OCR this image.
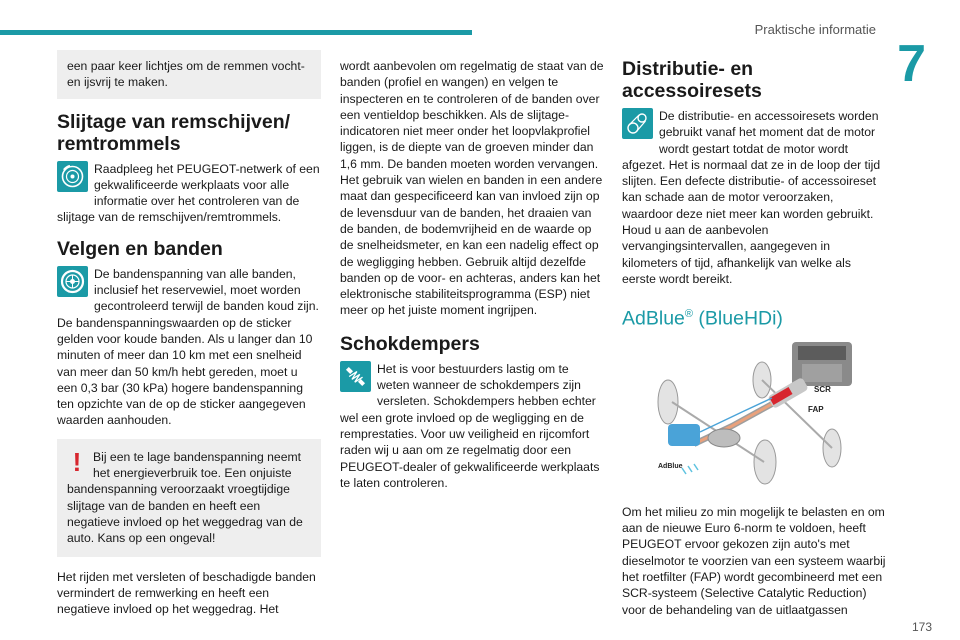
Praktische informatie
7

een paar keer lichtjes om de remmen vocht- en ijsvrij te maken.

Slijtage van remschijven/ remtrommels

Raadpleeg het PEUGEOT-netwerk of een gekwalificeerde werkplaats voor alle informatie over het controleren van de slijtage van de remschijven/remtrommels.

Velgen en banden

De bandenspanning van alle banden, inclusief het reservewiel, moet worden gecontroleerd terwijl de banden koud zijn. De bandenspanningswaarden op de sticker gelden voor koude banden. Als u langer dan 10 minuten of meer dan 10 km met een snelheid van meer dan 50 km/h hebt gereden, moet u een 0,3 bar (30 kPa) hogere bandenspanning ten opzichte van de op de sticker aangegeven waarden aanhouden.

! Bij een te lage bandenspanning neemt het energieverbruik toe. Een onjuiste bandenspanning veroorzaakt vroegtijdige slijtage van de banden en heeft een negatieve invloed op het weggedrag van de auto. Kans op een ongeval!

Het rijden met versleten of beschadigde banden vermindert de remwerking en heeft een negatieve invloed op het weggedrag. Het

wordt aanbevolen om regelmatig de staat van de banden (profiel en wangen) en velgen te inspecteren en te controleren of de banden over een ventieldop beschikken. Als de slijtage-indicatoren niet meer onder het loopvlakprofiel liggen, is de diepte van de groeven minder dan 1,6 mm. De banden moeten worden vervangen. Het gebruik van wielen en banden in een andere maat dan gespecificeerd kan van invloed zijn op de levensduur van de banden, het draaien van de banden, de bodemvrijheid en de waarde op de snelheidsmeter, en kan een nadelig effect op de wegligging hebben. Gebruik altijd dezelfde banden op de voor- en achteras, anders kan het elektronische stabiliteitsprogramma (ESP) niet meer op het juiste moment ingrijpen.

Schokdempers

Het is voor bestuurders lastig om te weten wanneer de schokdempers zijn versleten. Schokdempers hebben echter wel een grote invloed op de wegligging en de remprestaties. Voor uw veiligheid en rijcomfort raden wij u aan om ze regelmatig door een PEUGEOT-dealer of gekwalificeerde werkplaats te laten controleren.

Distributie- en accessoiresets

De distributie- en accessoiresets worden gebruikt vanaf het moment dat de motor wordt gestart totdat de motor wordt afgezet. Het is normaal dat ze in de loop der tijd slijten. Een defecte distributie- of accessoireset kan schade aan de motor veroorzaken, waardoor deze niet meer kan worden gebruikt. Houd u aan de aanbevolen vervangingsintervallen, aangegeven in kilometers of tijd, afhankelijk van welke als eerste wordt bereikt.

AdBlue® (BlueHDi)
SCR
FAP
AdBlue

Om het milieu zo min mogelijk te belasten en om aan de nieuwe Euro 6-norm te voldoen, heeft PEUGEOT ervoor gekozen zijn auto's met dieselmotor te voorzien van een systeem waarbij het roetfilter (FAP) wordt gecombineerd met een SCR-systeem (Selective Catalytic Reduction) voor de behandeling van de uitlaatgassen

173
